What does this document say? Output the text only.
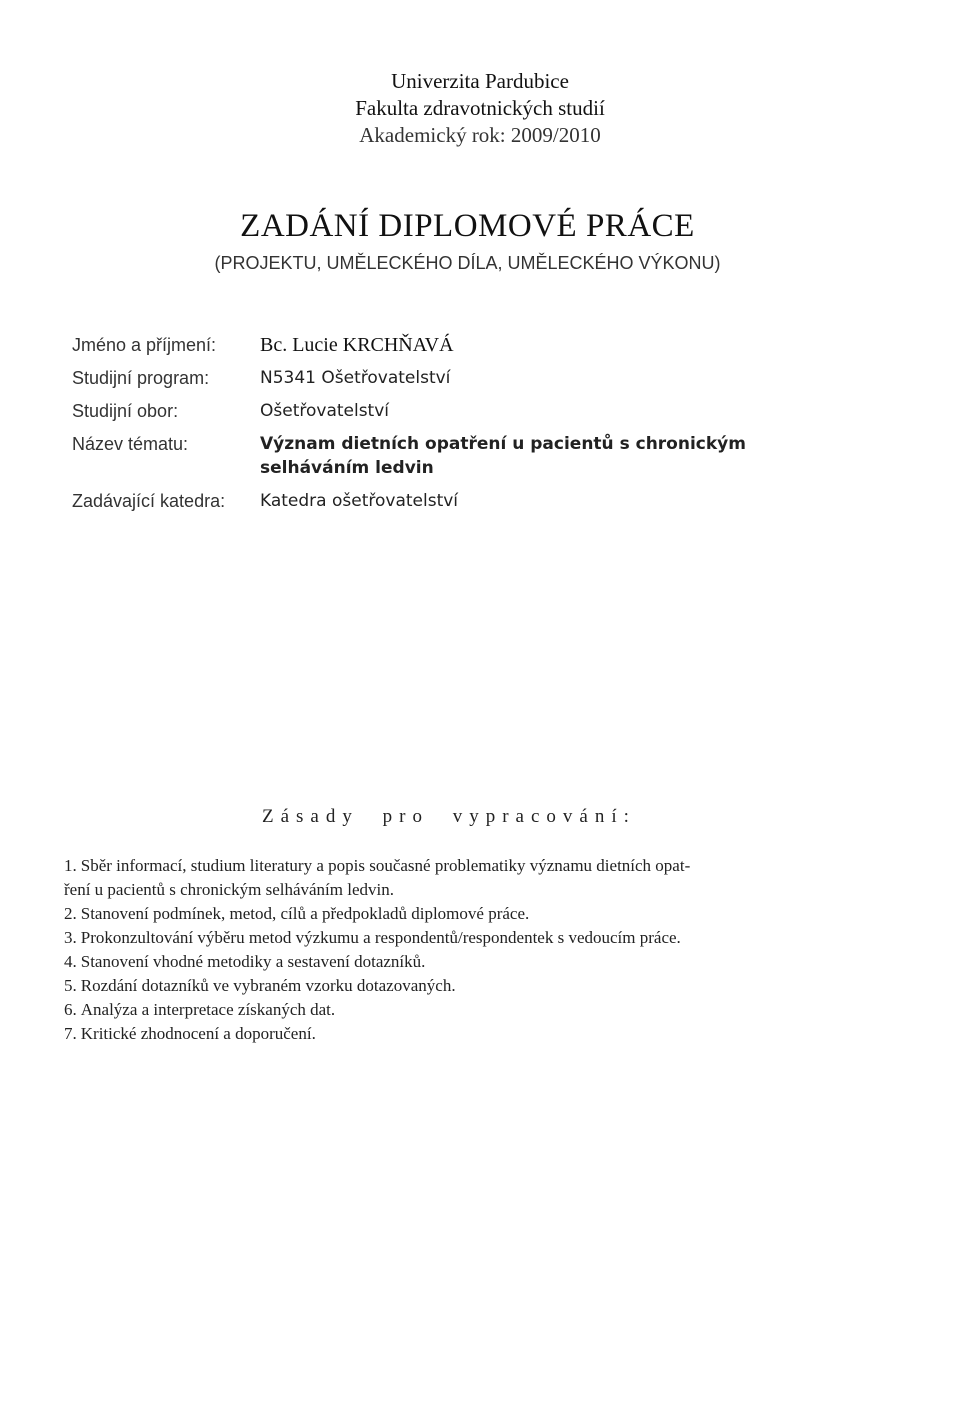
Univerzita Pardubice
Fakulta zdravotnických studií
Akademický rok: 2009/2010
ZADÁNÍ DIPLOMOVÉ PRÁCE
(PROJEKTU, UMĚLECKÉHO DÍLA, UMĚLECKÉHO VÝKONU)
Jméno a příjmení:	Bc. Lucie KRCHŇAVÁ
Studijní program:	N5341 Ošetřovatelství
Studijní obor:	Ošetřovatelství
Název tématu:	Význam dietních opatření u pacientů s chronickým
selháváním ledvin
Zadávající katedra:	Katedra ošetřovatelství
Zásady pro vypracování:
1. Sběr informací, studium literatury a popis současné problematiky významu dietních opat-
ření u pacientů s chronickým selháváním ledvin.
2. Stanovení podmínek, metod, cílů a předpokladů diplomové práce.
3. Prokonzultování výběru metod výzkumu a respondentů/respondentek s vedoucím práce.
4. Stanovení vhodné metodiky a sestavení dotazníků.
5. Rozdání dotazníků ve vybraném vzorku dotazovaných.
6. Analýza a interpretace získaných dat.
7. Kritické zhodnocení a doporučení.
